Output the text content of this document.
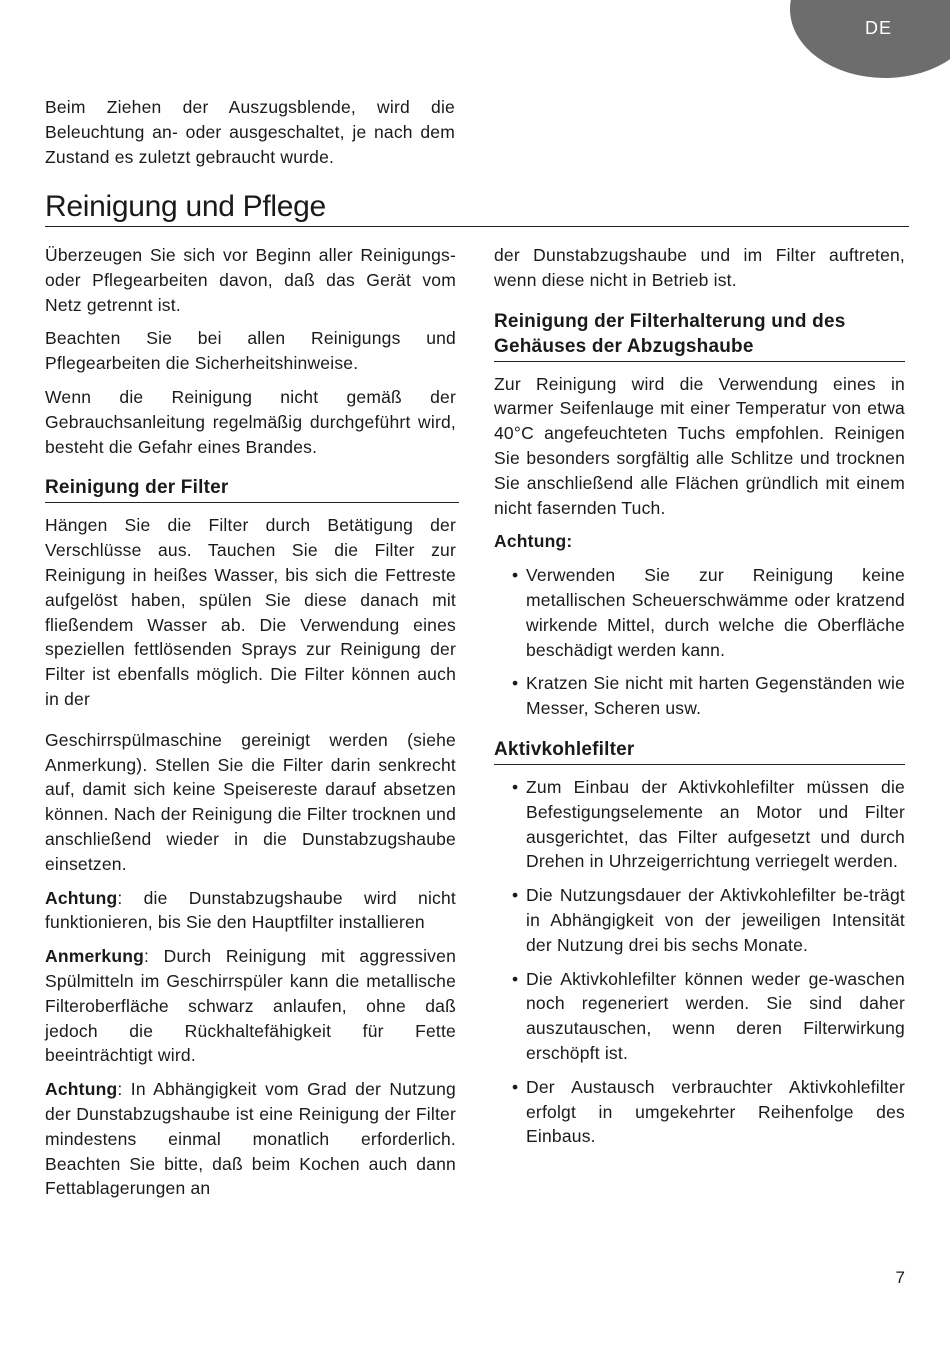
DE

Beim Ziehen der Auszugsblende, wird die Beleuchtung an- oder ausgeschaltet, je nach dem Zustand es zuletzt gebraucht wurde.

Reinigung und Pflege

Überzeugen Sie sich vor Beginn aller Reinigungs- oder Pflegearbeiten davon, daß das Gerät vom Netz getrennt ist.

Beachten Sie bei allen Reinigungs und Pflegearbeiten die Sicherheitshinweise.

Wenn die Reinigung nicht gemäß der Gebrauchsanleitung regelmäßig durchgeführt wird, besteht die Gefahr eines Brandes.

Reinigung der Filter

Hängen Sie die Filter durch Betätigung der Verschlüsse aus. Tauchen Sie die Filter zur Reinigung in heißes Wasser, bis sich die Fettreste aufgelöst haben, spülen Sie diese danach mit fließendem Wasser ab. Die Verwendung eines speziellen fettlösenden Sprays zur Reinigung der Filter ist ebenfalls möglich. Die Filter können auch in der

Geschirrspülmaschine gereinigt werden (siehe Anmerkung). Stellen Sie die Filter darin senkrecht auf, damit sich keine Speisereste darauf absetzen können. Nach der Reinigung die Filter trocknen und anschließend wieder in die Dunstabzugshaube einsetzen.

Achtung: die Dunstabzugshaube wird nicht funktionieren, bis Sie den Hauptfilter installieren

Anmerkung: Durch Reinigung mit aggressiven Spülmitteln im Geschirrspüler kann die metallische Filteroberfläche schwarz anlaufen, ohne daß jedoch die Rückhaltefähigkeit für Fette beeinträchtigt wird.

Achtung: In Abhängigkeit vom Grad der Nutzung der Dunstabzugshaube ist eine Reinigung der Filter mindestens einmal monatlich erforderlich. Beachten Sie bitte, daß beim Kochen auch dann Fettablagerungen an

der Dunstabzugshaube und im Filter auftreten, wenn diese nicht in Betrieb ist.

Reinigung der Filterhalterung und des Gehäuses der Abzugshaube

Zur Reinigung wird die Verwendung eines in warmer Seifenlauge mit einer Temperatur von etwa 40°C angefeuchteten Tuchs empfohlen. Reinigen Sie besonders sorgfältig alle Schlitze und trocknen Sie anschließend alle Flächen gründlich mit einem nicht fasernden Tuch.

Achtung:

• Verwenden Sie zur Reinigung keine metallischen Scheuerschwämme oder kratzend wirkende Mittel, durch welche die Oberfläche beschädigt werden kann.
• Kratzen Sie nicht mit harten Gegenständen wie Messer, Scheren usw.
Aktivkohlefilter
• Zum Einbau der Aktivkohlefilter müssen die Befestigungselemente an Motor und Filter ausgerichtet, das Filter aufgesetzt und durch Drehen in Uhrzeigerrichtung verriegelt werden.
• Die Nutzungsdauer der Aktivkohlefilter be-trägt in Abhängigkeit von der jeweiligen Intensität der Nutzung drei bis sechs Monate.
• Die Aktivkohlefilter können weder ge-waschen noch regeneriert werden. Sie sind daher auszutauschen, wenn deren Filterwirkung erschöpft ist.
• Der Austausch verbrauchter Aktivkohlefilter erfolgt in umgekehrter Reihenfolge des Einbaus.
7
